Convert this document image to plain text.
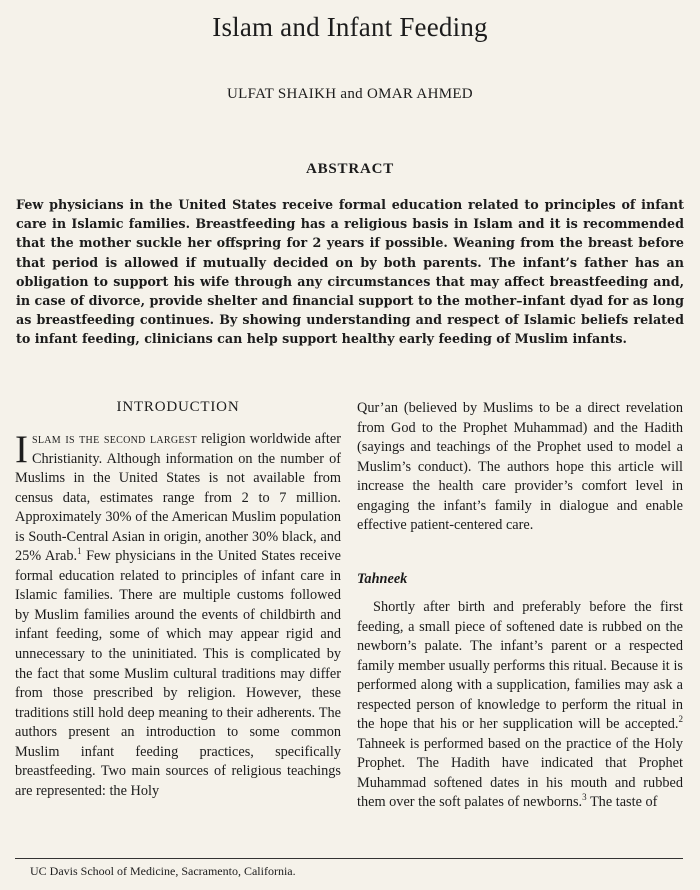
Islam and Infant Feeding

ULFAT SHAIKH and OMAR AHMED

ABSTRACT

Few physicians in the United States receive formal education related to principles of infant care in Islamic families. Breastfeeding has a religious basis in Islam and it is recommended that the mother suckle her offspring for 2 years if possible. Weaning from the breast before that period is allowed if mutually decided on by both parents. The infant’s father has an obligation to support his wife through any circumstances that may affect breastfeeding and, in case of divorce, provide shelter and financial support to the mother–infant dyad for as long as breastfeeding continues. By showing understanding and respect of Islamic beliefs related to infant feeding, clinicians can help support healthy early feeding of Muslim infants.

INTRODUCTION

Islam is the second largest religion worldwide after Christianity. Although information on the number of Muslims in the United States is not available from census data, estimates range from 2 to 7 million. Approximately 30% of the American Muslim population is South-Central Asian in origin, another 30% black, and 25% Arab.$^1$ Few physicians in the United States receive formal education related to principles of infant care in Islamic families. There are multiple customs followed by Muslim families around the events of childbirth and infant feeding, some of which may appear rigid and unnecessary to the uninitiated. This is complicated by the fact that some Muslim cultural traditions may differ from those prescribed by religion. However, these traditions still hold deep meaning to their adherents. The authors present an introduction to some common Muslim infant feeding practices, specifically breastfeeding. Two main sources of religious teachings are represented: the Holy

Qur’an (believed by Muslims to be a direct revelation from God to the Prophet Muhammad) and the Hadith (sayings and teachings of the Prophet used to model a Muslim’s conduct). The authors hope this article will increase the health care provider’s comfort level in engaging the infant’s family in dialogue and enable effective patient-centered care.

Tahneek

Shortly after birth and preferably before the first feeding, a small piece of softened date is rubbed on the newborn’s palate. The infant’s parent or a respected family member usually performs this ritual. Because it is performed along with a supplication, families may ask a respected person of knowledge to perform the ritual in the hope that his or her supplication will be accepted.$^2$ Tahneek is performed based on the practice of the Holy Prophet. The Hadith have indicated that Prophet Muhammad softened dates in his mouth and rubbed them over the soft palates of newborns.$^3$ The taste of

UC Davis School of Medicine, Sacramento, California.
